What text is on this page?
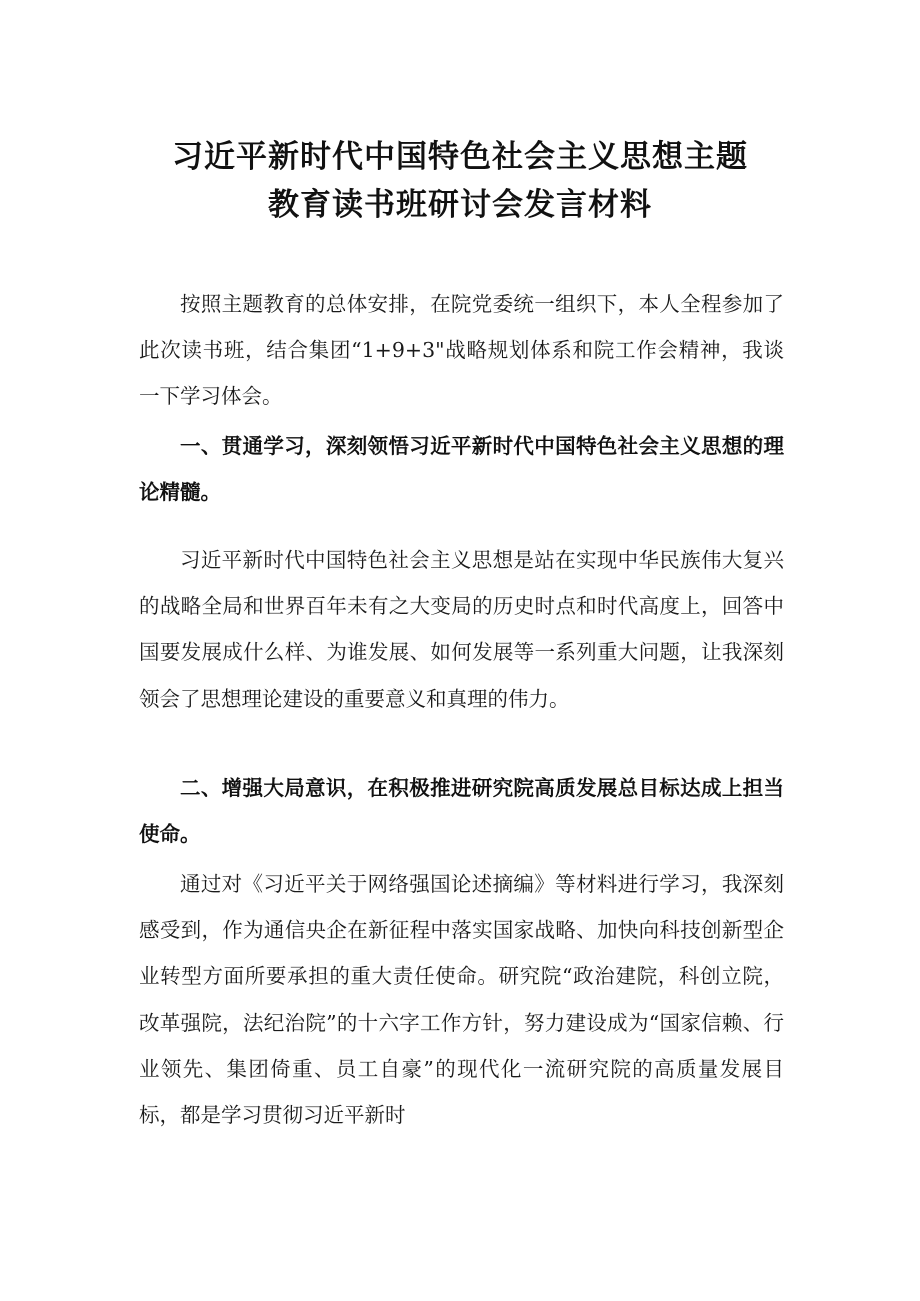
习近平新时代中国特色社会主义思想主题
教育读书班研讨会发言材料

按照主题教育的总体安排，在院党委统一组织下，本人全程参加了此次读书班，结合集团“1+9+3"战略规划体系和院工作会精神，我谈一下学习体会。

一、贯通学习，深刻领悟习近平新时代中国特色社会主义思想的理论精髓。

习近平新时代中国特色社会主义思想是站在实现中华民族伟大复兴的战略全局和世界百年未有之大变局的历史时点和时代高度上，回答中国要发展成什么样、为谁发展、如何发展等一系列重大问题，让我深刻领会了思想理论建设的重要意义和真理的伟力。

二、增强大局意识，在积极推进研究院高质发展总目标达成上担当使命。

通过对《习近平关于网络强国论述摘编》等材料进行学习，我深刻感受到，作为通信央企在新征程中落实国家战略、加快向科技创新型企业转型方面所要承担的重大责任使命。研究院“政治建院，科创立院，改革强院，法纪治院”的十六字工作方针，努力建设成为“国家信赖、行业领先、集团倚重、员工自豪”的现代化一流研究院的高质量发展目标，都是学习贯彻习近平新时
